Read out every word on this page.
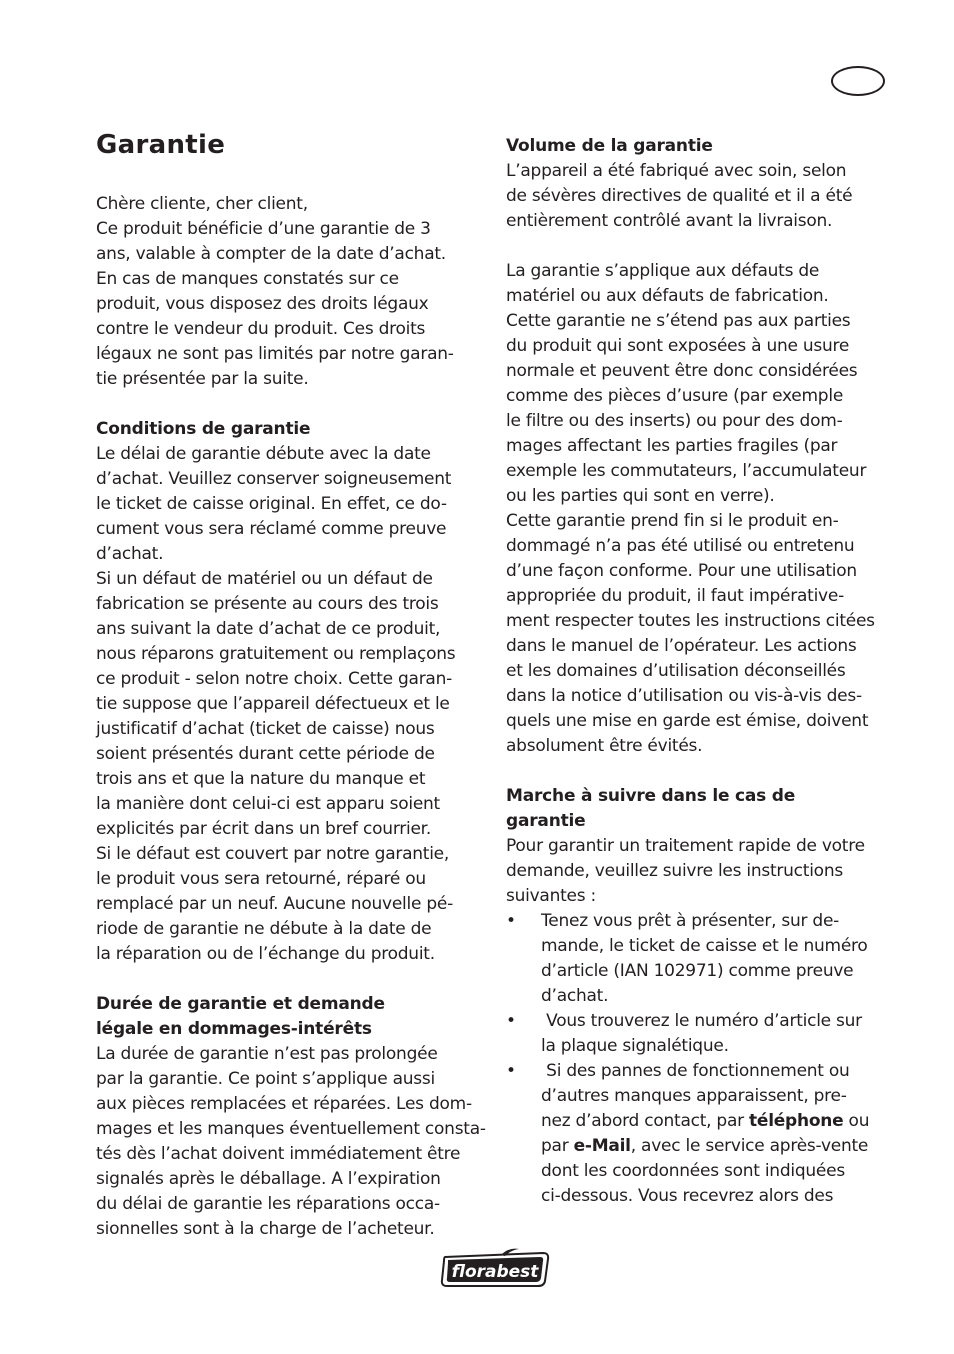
Garantie

Chère cliente, cher client,

Ce produit bénéficie d’une garantie de 3

ans, valable à compter de la date d’achat.

En cas de manques constatés sur ce

produit, vous disposez des droits légaux

contre le vendeur du produit. Ces droits

légaux ne sont pas limités par notre garan-

tie présentée par la suite.

Conditions de garantie

Le délai de garantie débute avec la date

d’achat. Veuillez conserver soigneusement

le ticket de caisse original. En effet, ce do-

cument vous sera réclamé comme preuve

d’achat.

Si un défaut de matériel ou un défaut de

fabrication se présente au cours des trois

ans suivant la date d’achat de ce produit,

nous réparons gratuitement ou remplaçons

ce produit - selon notre choix. Cette garan-

tie suppose que l’appareil défectueux et le

justificatif d’achat (ticket de caisse) nous

soient présentés durant cette période de

trois ans et que la nature du manque et

la manière dont celui-ci est apparu soient

explicités par écrit dans un bref courrier.

Si le défaut est couvert par notre garantie,

le produit vous sera retourné, réparé ou

remplacé par un neuf. Aucune nouvelle pé-

riode de garantie ne débute à la date de

la réparation ou de l’échange du produit.

Durée de garantie et demande
légale en dommages-intérêts

La durée de garantie n’est pas prolongée

par la garantie. Ce point s’applique aussi

aux pièces remplacées et réparées. Les dom-

mages et les manques éventuellement consta-

tés dès l’achat doivent immédiatement être

signalés après le déballage. A l’expiration

du délai de garantie les réparations occa-

sionnelles sont à la charge de l’acheteur.

Volume de la garantie

L’appareil a été fabriqué avec soin, selon

de sévères directives de qualité et il a été

entièrement contrôlé avant la livraison.

La garantie s’applique aux défauts de

matériel ou aux défauts de fabrication.

Cette garantie ne s’étend pas aux parties

du produit qui sont exposées à une usure

normale et peuvent être donc considérées

comme des pièces d’usure (par exemple

le filtre ou des inserts) ou pour des dom-

mages affectant les parties fragiles (par

exemple les commutateurs, l’accumulateur

ou les parties qui sont en verre).

Cette garantie prend fin si le produit en-

dommagé n’a pas été utilisé ou entretenu

d’une façon conforme. Pour une utilisation

appropriée du produit, il faut impérative-

ment respecter toutes les instructions citées

dans le manuel de l’opérateur. Les actions

et les domaines d’utilisation déconseillés

dans la notice d’utilisation ou vis-à-vis des-

quels une mise en garde est émise, doivent

absolument être évités.

Marche à suivre dans le cas de
garantie

Pour garantir un traitement rapide de votre

demande, veuillez suivre les instructions

suivantes :

• Tenez vous prêt à présenter, sur de-
mande, le ticket de caisse et le numéro
d’article (IAN 102971) comme preuve
d’achat.
•  Vous trouverez le numéro d’article sur
la plaque signalétique.
•  Si des pannes de fonctionnement ou
d’autres manques apparaissent, pre-
nez d’abord contact, par téléphone ou
par e-Mail, avec le service après-vente
dont les coordonnées sont indiquées
ci-dessous. Vous recevrez alors des
florabest
